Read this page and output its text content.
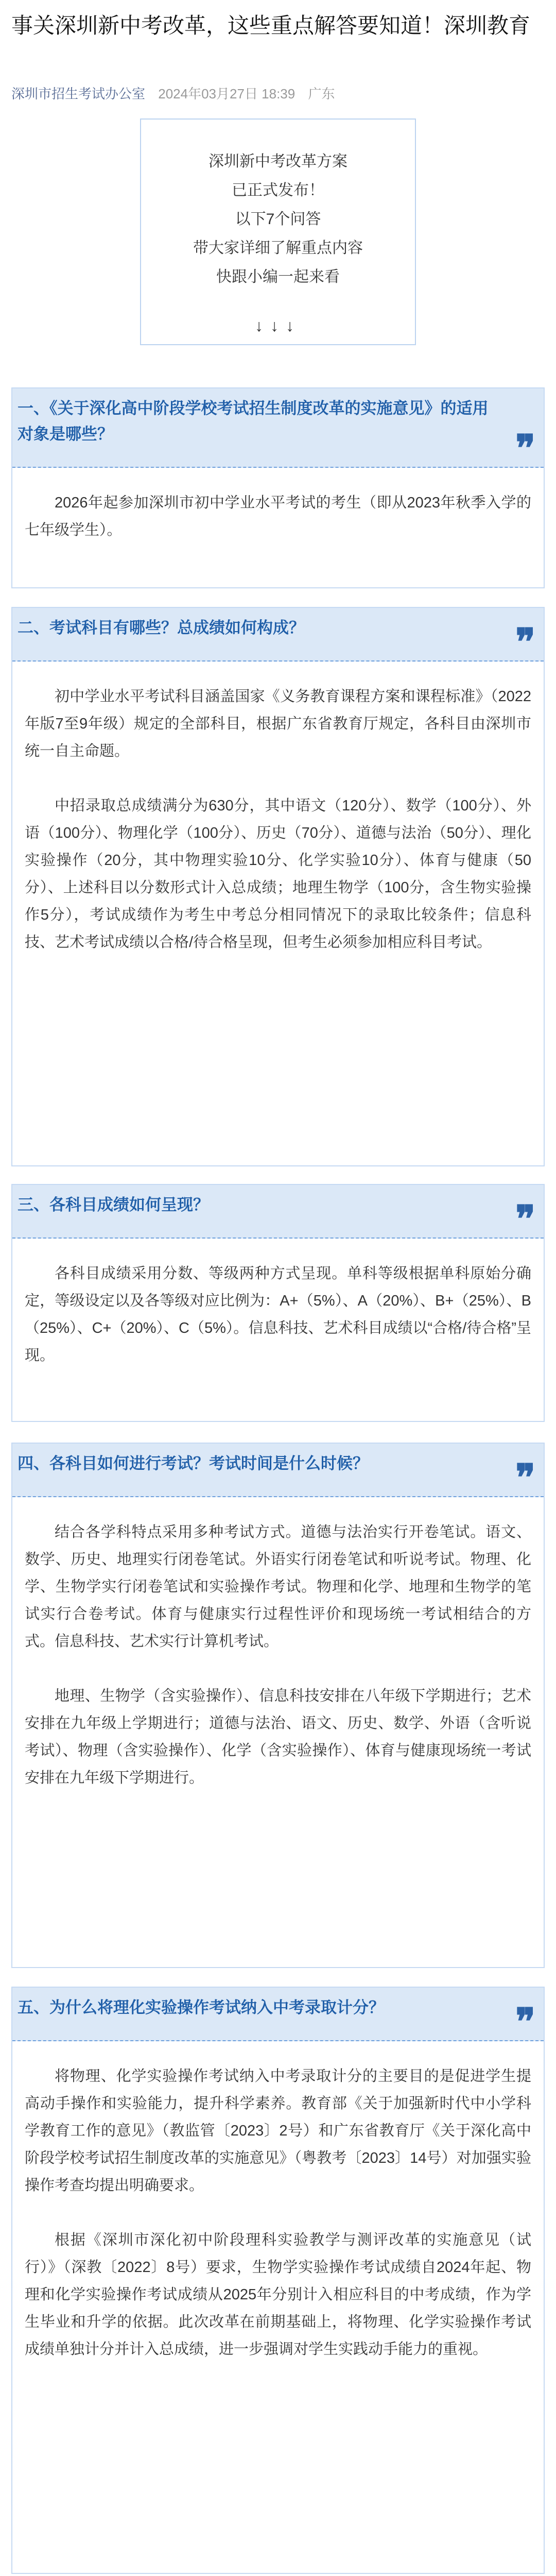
事关深圳新中考改革，这些重点解答要知道！深圳教育
深圳市招生考试办公室 2024年03月27日 18:39 广东
深圳新中考改革方案
已正式发布！
以下7个问答
带大家详细了解重点内容
快跟小编一起来看
↓↓↓
一、《关于深化高中阶段学校考试招生制度改革的实施意见》的适用对象是哪些？	❞

2026年起参加深圳市初中学业水平考试的考生（即从2023年秋季入学的七年级学生）。

二、考试科目有哪些？总成绩如何构成？	❞

初中学业水平考试科目涵盖国家《义务教育课程方案和课程标准》（2022年版7至9年级）规定的全部科目，根据广东省教育厅规定，各科目由深圳市统一自主命题。

中招录取总成绩满分为630分，其中语文（120分）、数学（100分）、外语（100分）、物理化学（100分）、历史（70分）、道德与法治（50分）、理化实验操作（20分，其中物理实验10分、化学实验10分）、体育与健康（50分）、上述科目以分数形式计入总成绩；地理生物学（100分，含生物实验操作5分），考试成绩作为考生中考总分相同情况下的录取比较条件；信息科技、艺术考试成绩以合格/待合格呈现，但考生必须参加相应科目考试。

三、各科目成绩如何呈现？	❞

各科目成绩采用分数、等级两种方式呈现。单科等级根据单科原始分确定，等级设定以及各等级对应比例为：A+（5%）、A（20%）、B+（25%）、B（25%）、C+（20%）、C（5%）。信息科技、艺术科目成绩以“合格/待合格”呈现。

四、各科目如何进行考试？考试时间是什么时候？	❞

结合各学科特点采用多种考试方式。道德与法治实行开卷笔试。语文、数学、历史、地理实行闭卷笔试。外语实行闭卷笔试和听说考试。物理、化学、生物学实行闭卷笔试和实验操作考试。物理和化学、地理和生物学的笔试实行合卷考试。体育与健康实行过程性评价和现场统一考试相结合的方式。信息科技、艺术实行计算机考试。

地理、生物学（含实验操作）、信息科技安排在八年级下学期进行；艺术安排在九年级上学期进行；道德与法治、语文、历史、数学、外语（含听说考试）、物理（含实验操作）、化学（含实验操作）、体育与健康现场统一考试安排在九年级下学期进行。

五、为什么将理化实验操作考试纳入中考录取计分？	❞

将物理、化学实验操作考试纳入中考录取计分的主要目的是促进学生提高动手操作和实验能力，提升科学素养。教育部《关于加强新时代中小学科学教育工作的意见》（教监管〔2023〕2号）和广东省教育厅《关于深化高中阶段学校考试招生制度改革的实施意见》（粤教考〔2023〕14号）对加强实验操作考查均提出明确要求。

根据《深圳市深化初中阶段理科实验教学与测评改革的实施意见（试行）》（深教〔2022〕8号）要求，生物学实验操作考试成绩自2024年起、物理和化学实验操作考试成绩从2025年分别计入相应科目的中考成绩，作为学生毕业和升学的依据。此次改革在前期基础上，将物理、化学实验操作考试成绩单独计分并计入总成绩，进一步强调对学生实践动手能力的重视。
